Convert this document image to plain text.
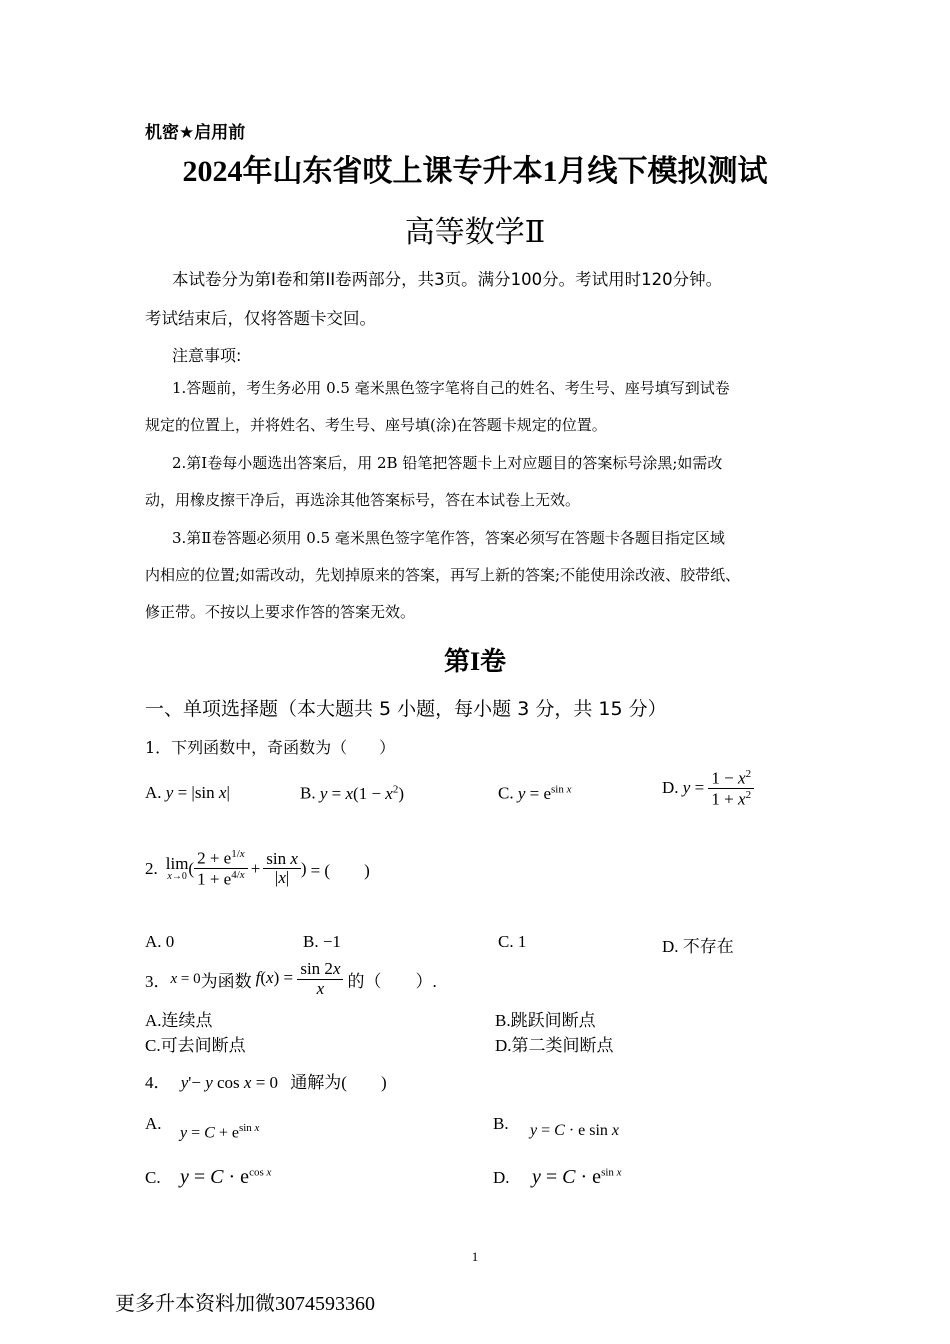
机密★启用前
2024年山东省哎上课专升本1月线下模拟测试
高等数学Ⅱ
本试卷分为第I卷和第II卷两部分，共3页。满分100分。考试用时120分钟。
考试结束后，仅将答题卡交回。
注意事项:
1.答题前，考生务必用 0.5 毫米黑色签字笔将自己的姓名、考生号、座号填写到试卷
规定的位置上，并将姓名、考生号、座号填(涂)在答题卡规定的位置。
2.第Ⅰ卷每小题选出答案后，用 2B 铅笔把答题卡上对应题目的答案标号涂黑;如需改
动，用橡皮擦干净后，再选涂其他答案标号，答在本试卷上无效。
3.第Ⅱ卷答题必须用 0.5 毫米黑色签字笔作答，答案必须写在答题卡各题目指定区域
内相应的位置;如需改动，先划掉原来的答案，再写上新的答案;不能使用涂改液、胶带纸、
修正带。不按以上要求作答的答案无效。
第I卷
一、单项选择题（本大题共 5 小题，每小题 3 分，共 15 分）
1．下列函数中，奇函数为（　　）
A. y = |sin x|	B. $y = x(1 - x^2)$	C. $y = e^{sin x}$	D. $y = \frac{1 - x^2}{1 + x^2}$
2. lim
x→0 ( $\frac{2 + e^{1/x}}{1 + e^{4/x}} + \frac{\text{sin x}}{|x|}$ ) = (　　)
A. 0	B. −1	C. 1	D. 不存在
3． x = 0 为函数 $f(x) = \frac{\sin 2x}{x}$ 的（　　）.
A.连续点	B.跳跃间断点
C.可去间断点	D.第二类间断点
4． y'− y cos x = 0 通解为(　　)
A. $y = C + e^{sin x}$	B. y = C · e sin x
C. $y = C \cdot e^{cos x}$	D. $y = C \cdot e^{sin x}$
1
更多升本资料加微3074593360
